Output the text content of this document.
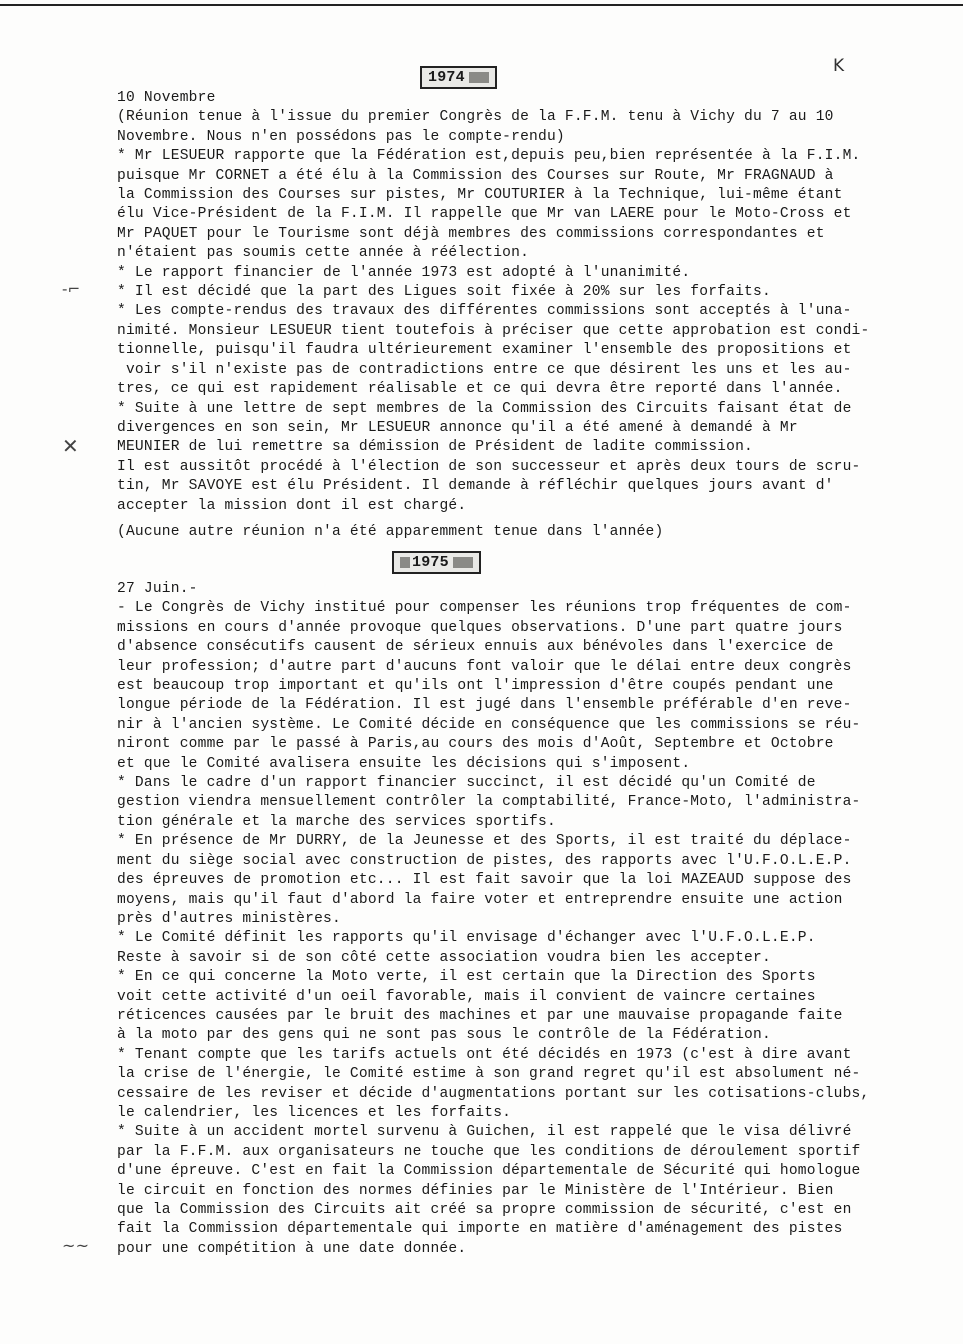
K
-⌐
✕
~~
1974

10 Novembre

(Réunion tenue à l'issue du premier Congrès de la F.F.M. tenu à Vichy du 7 au 10

Novembre. Nous n'en possédons pas le compte-rendu)

* Mr LESUEUR rapporte que la Fédération est,depuis peu,bien représentée à la F.I.M.

puisque Mr CORNET a été élu à la Commission des Courses sur Route, Mr FRAGNAUD à

la Commission des Courses sur pistes, Mr COUTURIER à la Technique, lui-même étant

élu Vice-Président de la F.I.M. Il rappelle que Mr van LAERE pour le Moto-Cross et

Mr PAQUET pour le Tourisme sont déjà membres des commissions correspondantes et

n'étaient pas soumis cette année à réélection.

* Le rapport financier de l'année 1973 est adopté à l'unanimité.

* Il est décidé que la part des Ligues soit fixée à 20% sur les forfaits.

* Les compte-rendus des travaux des différentes commissions sont acceptés à l'una-

nimité. Monsieur LESUEUR tient toutefois à préciser que cette approbation est condi-

tionnelle, puisqu'il faudra ultérieurement examiner l'ensemble des propositions et

voir s'il n'existe pas de contradictions entre ce que désirent les uns et les au-

tres, ce qui est rapidement réalisable et ce qui devra être reporté dans l'année.

* Suite à une lettre de sept membres de la Commission des Circuits faisant état de

divergences en son sein, Mr LESUEUR annonce qu'il a été amené à demandé à Mr

MEUNIER de lui remettre sa démission de Président de ladite commission.

Il est aussitôt procédé à l'élection de son successeur et après deux tours de scru-

tin, Mr SAVOYE est élu Président. Il demande à réfléchir quelques jours avant d'

accepter la mission dont il est chargé.

(Aucune autre réunion n'a été apparemment tenue dans l'année)

1975

27 Juin.-

- Le Congrès de Vichy institué pour compenser les réunions trop fréquentes de com-

missions en cours d'année provoque quelques observations. D'une part quatre jours

d'absence consécutifs causent de sérieux ennuis aux bénévoles dans l'exercice de

leur profession; d'autre part d'aucuns font valoir que le délai entre deux congrès

est beaucoup trop important et qu'ils ont l'impression d'être coupés pendant une

longue période de la Fédération. Il est jugé dans l'ensemble préférable d'en reve-

nir à l'ancien système. Le Comité décide en conséquence que les commissions se réu-

niront comme par le passé à Paris,au cours des mois d'Août, Septembre et Octobre

et que le Comité avalisera ensuite les décisions qui s'imposent.

* Dans le cadre d'un rapport financier succinct, il est décidé qu'un Comité de

gestion viendra mensuellement contrôler la comptabilité, France-Moto, l'administra-

tion générale et la marche des services sportifs.

* En présence de Mr DURRY, de la Jeunesse et des Sports, il est traité du déplace-

ment du siège social avec construction de pistes, des rapports avec l'U.F.O.L.E.P.

des épreuves de promotion etc... Il est fait savoir que la loi MAZEAUD suppose des

moyens, mais qu'il faut d'abord la faire voter et entreprendre ensuite une action

près d'autres ministères.

* Le Comité définit les rapports qu'il envisage d'échanger avec l'U.F.O.L.E.P.

Reste à savoir si de son côté cette association voudra bien les accepter.

* En ce qui concerne la Moto verte, il est certain que la Direction des Sports

voit cette activité d'un oeil favorable, mais il convient de vaincre certaines

réticences causées par le bruit des machines et par une mauvaise propagande faite

à la moto par des gens qui ne sont pas sous le contrôle de la Fédération.

* Tenant compte que les tarifs actuels ont été décidés en 1973 (c'est à dire avant

la crise de l'énergie, le Comité estime à son grand regret qu'il est absolument né-

cessaire de les reviser et décide d'augmentations portant sur les cotisations-clubs,

le calendrier, les licences et les forfaits.

* Suite à un accident mortel survenu à Guichen, il est rappelé que le visa délivré

par la F.F.M. aux organisateurs ne touche que les conditions de déroulement sportif

d'une épreuve. C'est en fait la Commission départementale de Sécurité qui homologue

le circuit en fonction des normes définies par le Ministère de l'Intérieur. Bien

que la Commission des Circuits ait créé sa propre commission de sécurité, c'est en

fait la Commission départementale qui importe en matière d'aménagement des pistes

pour une compétition à une date donnée.
